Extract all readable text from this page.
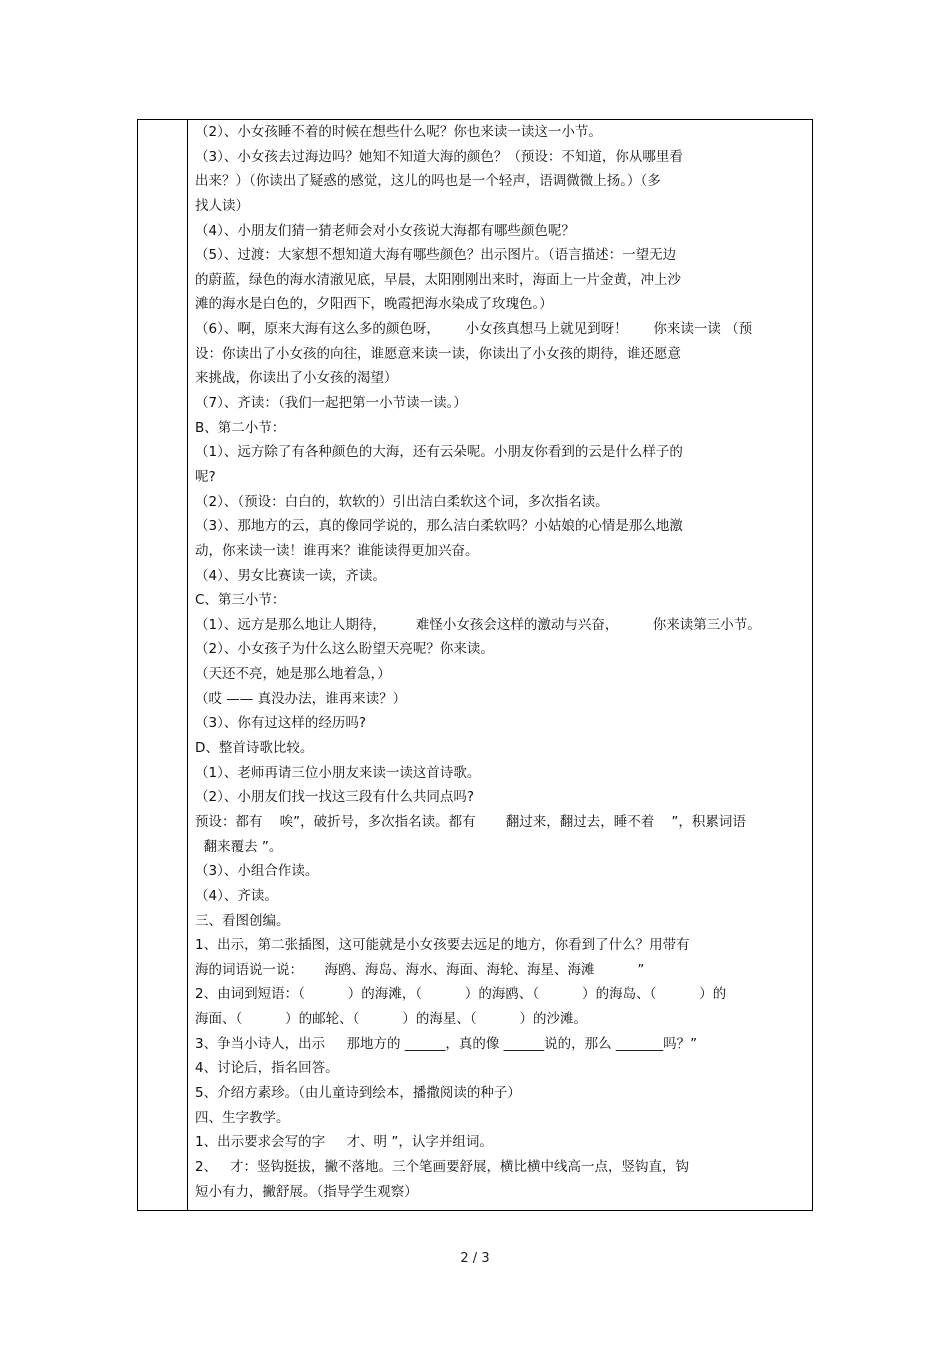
（2）、小女孩睡不着的时候在想些什么呢？你也来读一读这一小节。
（3）、小女孩去过海边吗？她知不知道大海的颜色？（预设：不知道，你从哪里看
出来？）（你读出了疑惑的感觉，这儿的吗也是一个轻声，语调微微上扬。）（多
找人读）
（4）、小朋友们猜一猜老师会对小女孩说大海都有哪些颜色呢？
（5）、过渡：大家想不想知道大海有哪些颜色？出示图片。（语言描述：一望无边
的蔚蓝，绿色的海水清澈见底，早晨，太阳刚刚出来时，海面上一片金黄，冲上沙
滩的海水是白色的，夕阳西下，晚霞把海水染成了玫瑰色。）
（6）、啊，原来大海有这么多的颜色呀，      小女孩真想马上就见到呀！      你来读一读 （预
设：你读出了小女孩的向往，谁愿意来读一读，你读出了小女孩的期待，谁还愿意
来挑战，你读出了小女孩的渴望）
（7）、齐读：（我们一起把第一小节读一读。）
B、第二小节：
（1）、远方除了有各种颜色的大海，还有云朵呢。小朋友你看到的云是什么样子的
呢?
（2）、（预设：白白的，软软的）引出洁白柔软这个词，多次指名读。
（3）、那地方的云，真的像同学说的，那么洁白柔软吗？小姑娘的心情是那么地激
动，你来读一读！谁再来？谁能读得更加兴奋。
（4）、男女比赛读一读，齐读。
C、第三小节：
（1）、远方是那么地让人期待，       难怪小女孩会这样的激动与兴奋，        你来读第三小节。
（2）、小女孩子为什么这么盼望天亮呢？你来读。
（天还不亮，她是那么地着急，）
（哎 —— 真没办法，谁再来读？）
（3）、你有过这样的经历吗?
D、整首诗歌比较。
（1）、老师再请三位小朋友来读一读这首诗歌。
（2）、小朋友们找一找这三段有什么共同点吗?
预设：都有    唉”，破折号，多次指名读。都有       翻过来，翻过去，睡不着    ”，积累词语
翻来覆去 ”。
（3）、小组合作读。
（4）、齐读。
三、看图创编。
1、出示，第二张插图，这可能就是小女孩要去远足的地方，你看到了什么？用带有
海的词语说一说：     海鸥、海岛、海水、海面、海轮、海星、海滩          ”
2、由词到短语：（          ）的海滩，（          ）的海鸥、（          ）的海岛、（          ）的
海面、（          ）的邮轮、（          ）的海星、（          ）的沙滩。
3、争当小诗人，出示     那地方的 ______，真的像 ______说的，那么 _______吗？”
4、讨论后，指名回答。
5、介绍方素珍。（由儿童诗到绘本，播撒阅读的种子）
四、生字教学。
1、出示要求会写的字     才、明 ”，认字并组词。
2、   才：竖钩挺拔，撇不落地。三个笔画要舒展，横比横中线高一点，竖钩直，钩
短小有力，撇舒展。（指导学生观察）
2 / 3
